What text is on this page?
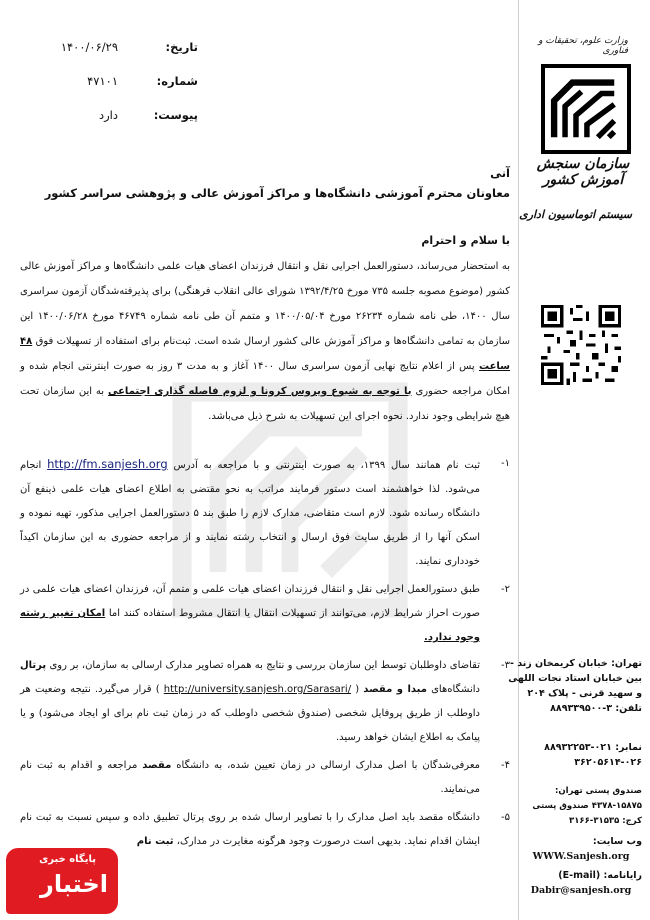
تاریخ:
۱۴۰۰/۰۶/۲۹
شماره:
۴۷۱۰۱
پیوست:
دارد
وزارت علوم، تحقیقات و فناوری
سازمان سنجش آموزش کشور
سیستم اتوماسیون اداری
تهران: خیابان کریمخان زند -
بین خیابان استاد نجات اللهی
و سهید قرنی - پلاک ۲۰۴
تلفن: ۳-۸۸۹۳۳۹۵۰۰
نمابر: ۰۲۱-۸۸۹۳۲۲۵۳ ۰۲۶-۳۶۲۰۵۶۱۴
صندوق پستی تهران: ۱۵۸۷۵-۴۳۷۸ صندوق پستی کرج: ۳۱۵۳۵-۳۱۶۶
وب سایت:
WWW.Sanjesh.org
رایانامه: (E-mail)
Dabir@sanjesh.org
آنی
معاونان محترم آموزشی دانشگاه‌ها و مراکز آموزش عالی و پژوهشی سراسر کشور
با سلام و احترام

به استحضار می‌رساند، دستورالعمل اجرایی نقل و انتقال فرزندان اعضای هیات علمی دانشگاه‌ها و مراکز آموزش عالی کشور (موضوع مصوبه جلسه ۷۳۵ مورخ ۱۳۹۲/۴/۲۵ شورای عالی انقلاب فرهنگی) برای پذیرفته‌شدگان آزمون سراسری سال ۱۴۰۰، طی نامه شماره ۲۶۲۳۴ مورخ ۱۴۰۰/۰۵/۰۴ و متمم آن طی نامه شماره ۴۶۷۴۹ مورخ ۱۴۰۰/۰۶/۲۸ این سازمان به تمامی دانشگاه‌ها و مراکز آموزش عالی کشور ارسال شده است. ثبت‌نام برای استفاده از تسهیلات فوق ۴۸ ساعت پس از اعلام نتایج نهایی آزمون سراسری سال ۱۴۰۰ آغاز و به مدت ۳ روز به صورت اینترنتی انجام شده و امکان مراجعه حضوری با توجه به شیوع ویروس کرونا و لزوم فاصله گذاری اجتماعی به این سازمان تحت هیچ شرایطی وجود ندارد. نحوه اجرای این تسهیلات به شرح ذیل می‌باشد.

۱-
ثبت نام همانند سال ۱۳۹۹، به صورت اینترنتی و با مراجعه به آدرس http://fm.sanjesh.org انجام می‌شود. لذا خواهشمند است دستور فرمایند مراتب به نحو مقتضی به اطلاع اعضای هیات علمی ذینفع آن دانشگاه رسانده شود. لازم است متقاضی، مدارک لازم را طبق بند ۵ دستورالعمل اجرایی مذکور، تهیه نموده و اسکن آنها را از طریق سایت فوق ارسال و انتخاب رشته نمایند و از مراجعه حضوری به این سازمان اکیداً خودداری نمایند.
۲-
طبق دستورالعمل اجرایی نقل و انتقال فرزندان اعضای هیات علمی و متمم آن، فرزندان اعضای هیات علمی در صورت احراز شرایط لازم، می‌توانند از تسهیلات انتقال یا انتقال مشروط استفاده کنند اما امکان تغییر رشته وجود ندارد.
۳-
تقاضای داوطلبان توسط این سازمان بررسی و نتایج به همراه تصاویر مدارک ارسالی به سازمان، بر روی پرتال دانشگاه‌های مبدا و مقصد ( http://university.sanjesh.org/Sarasari/ ) قرار می‌گیرد. نتیجه وضعیت هر داوطلب از طریق پروفایل شخصی (صندوق شخصی داوطلب که در زمان ثبت نام برای او ایجاد می‌شود) و یا پیامک به اطلاع ایشان خواهد رسید.
۴-
معرفی‌شدگان با اصل مدارک ارسالی در زمان تعیین شده، به دانشگاه مقصد مراجعه و اقدام به ثبت نام می‌نمایند.
۵-
دانشگاه مقصد باید اصل مدارک را با تصاویر ارسال شده بر روی پرتال تطبیق داده و سپس نسبت به ثبت نام ایشان اقدام نماید. بدیهی است درصورت وجود هرگونه مغایرت در مدارک، ثبت نام
پایگاه خبری
اختبار
